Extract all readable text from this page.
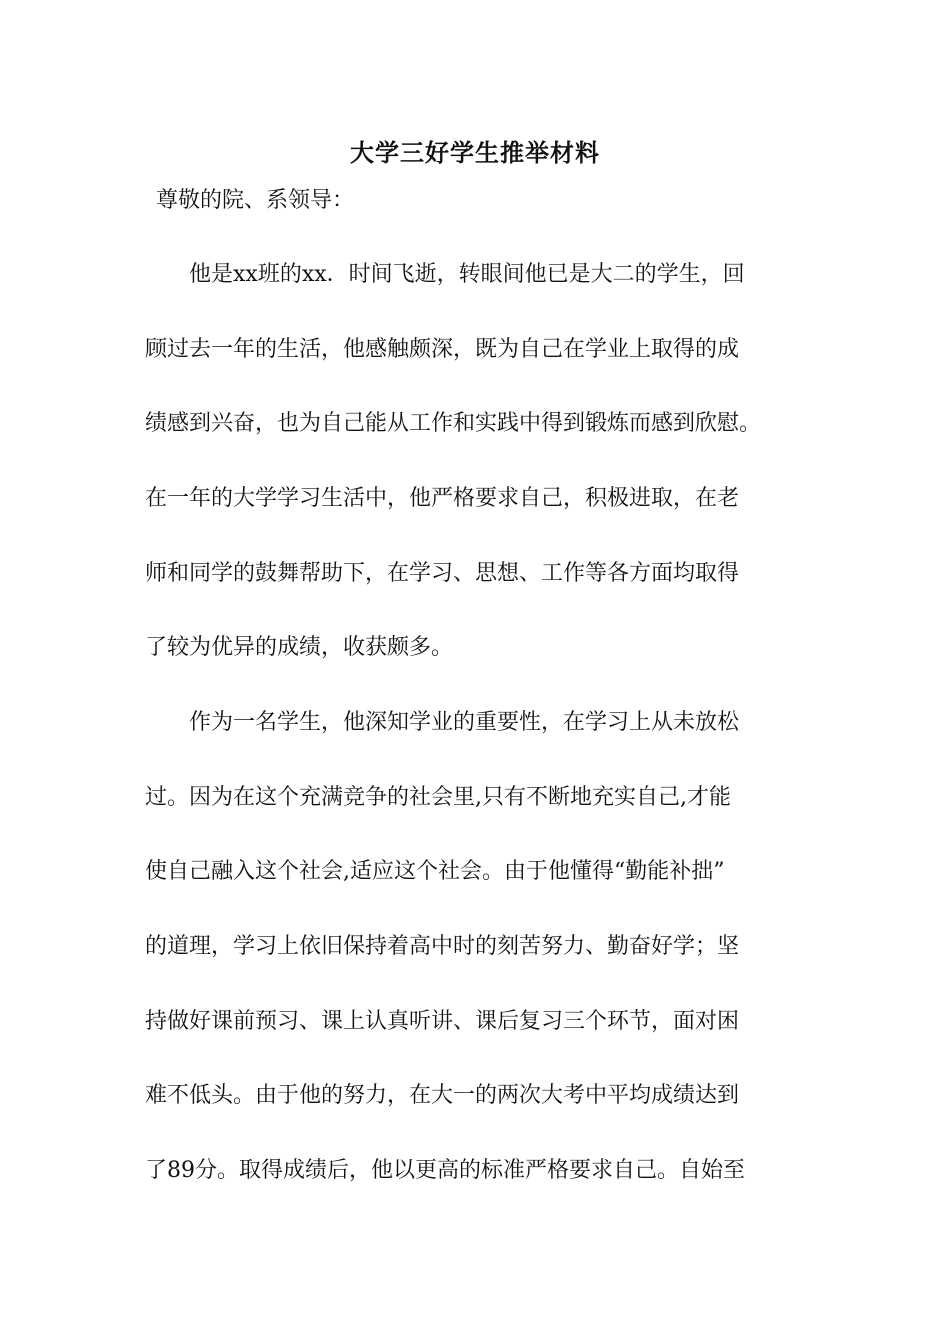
大学三好学生推举材料
尊敬的院、系领导：
　　他是xx班的xx．时间飞逝，转眼间他已是大二的学生，回
顾过去一年的生活，他感触颇深，既为自己在学业上取得的成
绩感到兴奋，也为自己能从工作和实践中得到锻炼而感到欣慰。
在一年的大学学习生活中，他严格要求自己，积极进取，在老
师和同学的鼓舞帮助下，在学习、思想、工作等各方面均取得
了较为优异的成绩，收获颇多。
　　作为一名学生，他深知学业的重要性，在学习上从未放松
过。因为在这个充满竞争的社会里,只有不断地充实自己,才能
使自己融入这个社会,适应这个社会。由于他懂得“勤能补拙”
的道理，学习上依旧保持着高中时的刻苦努力、勤奋好学；坚
持做好课前预习、课上认真听讲、课后复习三个环节，面对困
难不低头。由于他的努力，在大一的两次大考中平均成绩达到
了89分。取得成绩后，他以更高的标准严格要求自己。自始至
